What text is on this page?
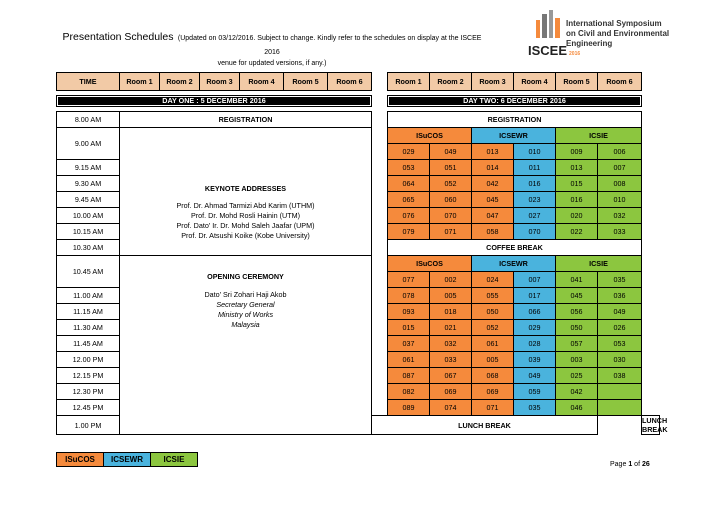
Presentation Schedules (Updated on 03/12/2016. Subject to change. Kindly refer to the schedules on display at the ISCEE 2016
venue for updated versions, if any.)
International Symposium
on Civil and Environmental
Engineering
ISCEE 2016
TIME	Room 1	Room 2	Room 3	Room 4	Room 5	Room 6		Room 1	Room 2	Room 3	Room 4	Room 5	Room 6	

DAY ONE : 5 DECEMBER 2016								DAY TWO: 6 DECEMBER 2016						

8.00 AM	REGISTRATION							REGISTRATION						
9.00 AM	KEYNOTE ADDRESSES
Prof. Dr. Ahmad Tarmizi Abd Karim (UTHM)
Prof. Dr. Mohd Rosli Hainin (UTM)
Prof. Dato' Ir. Dr. Mohd Saleh Jaafar (UPM)
Prof. Dr. Atsushi Koike (Kobe University)							ISuCOS		ICSEWR		ICSIE		
								029	049	013	010	009	006	
9.15 AM								053	051	014	011	013	007	
9.30 AM								064	052	042	016	015	008	
9.45 AM								065	060	045	023	016	010	
10.00 AM								076	070	047	027	020	032	
10.15 AM								079	071	058	070	022	033	
10.30 AM								COFFEE BREAK						
10.45 AM	OPENING CEREMONY
Dato' Sri Zohari Haji Akob
Secretary General
Ministry of Works
Malaysia							ISuCOS		ICSEWR		ICSIE		
								077	002	024	007	041	035	
11.00 AM								078	005	055	017	045	036	
11.15 AM								093	018	050	066	056	049	
11.30 AM								015	021	052	029	050	026	
11.45 AM								037	032	061	028	057	053	
12.00 PM								061	033	005	039	003	030	
12.15 PM								087	067	068	049	025	038	
12.30 PM								082	069	069	059	042		
12.45 PM								089	074	071	035	046		
1.00 PM							LUNCH BREAK							LUNCH BREAK
ISuCOS	ICSEWR	ICSIE
Page 1 of 26
